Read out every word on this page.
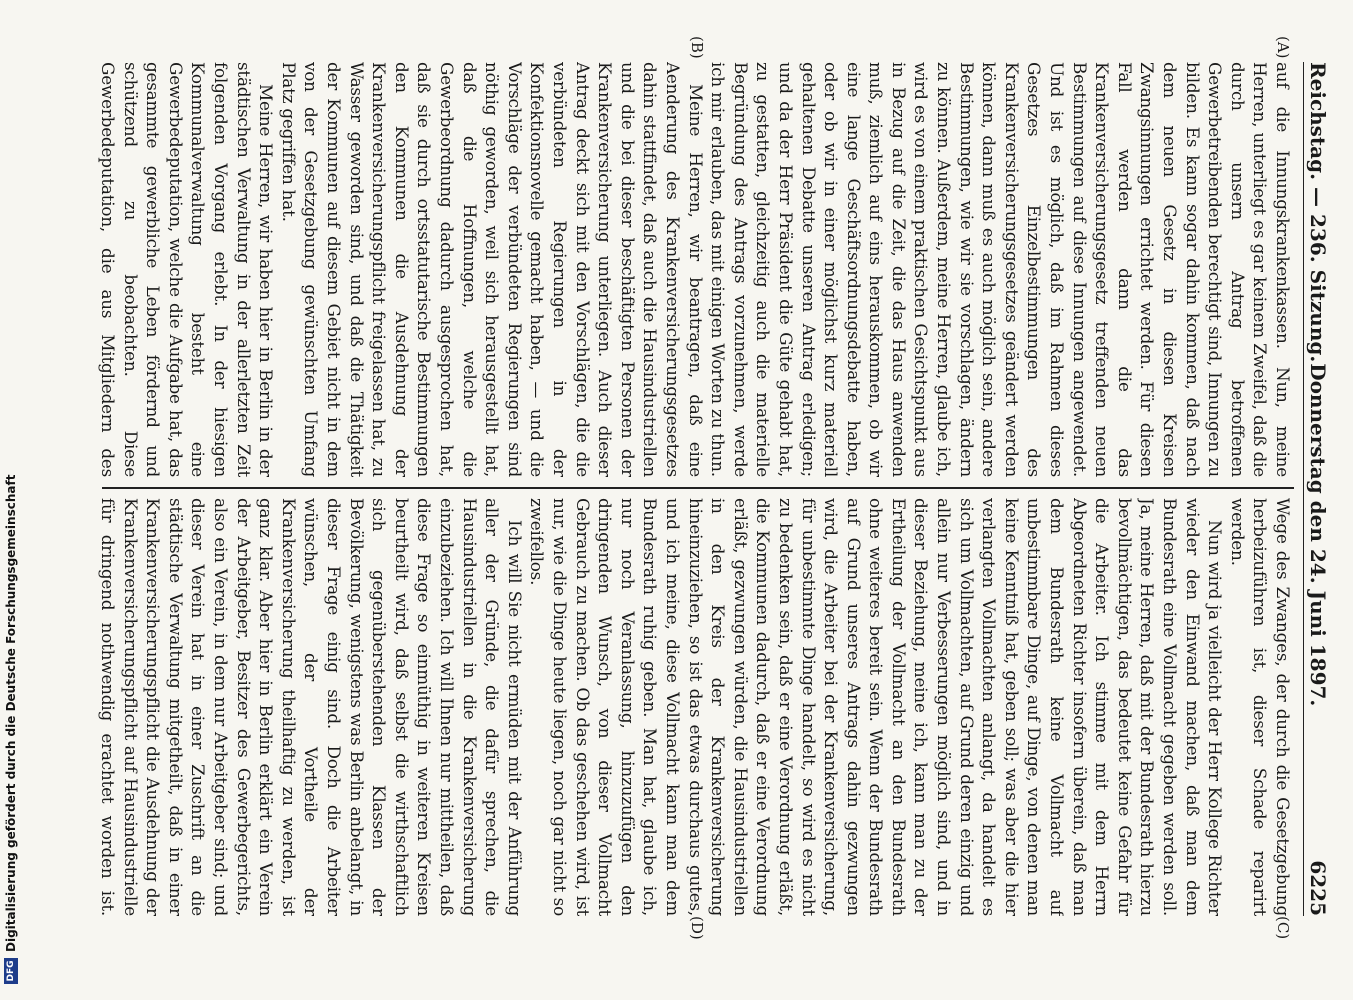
Reichstag. — 236. Sitzung.
Donnerstag den 24. Juni 1897.  6225
(A)
(B)
(C)
(D)

auf die Innungskrankenkassen. Nun, meine Herren, unterliegt es gar keinem Zweifel, daß die durch unsern Antrag betroffenen Gewerbetreibenden berechtigt sind, Innungen zu bilden. Es kann sogar dahin kommen, daß nach dem neuen Gesetz in diesen Kreisen Zwangsinnungen errichtet werden. Für diesen Fall werden dann die das Krankenversicherungsgesetz treffenden neuen Bestimmungen auf diese Innungen angewendet. Und ist es möglich, daß im Rahmen dieses Gesetzes Einzelbestimmungen des Krankenversicherungsgesetzes geändert werden können, dann muß es auch möglich sein, andere Bestimmungen, wie wir sie vorschlagen, ändern zu können. Außerdem, meine Herren, glaube ich, wird es von einem praktischen Gesichtspunkt aus in Bezug auf die Zeit, die das Haus anwenden muß, ziemlich auf eins herauskommen, ob wir eine lange Geschäftsordnungsdebatte haben, oder ob wir in einer möglichst kurz materiell gehaltenen Debatte unseren Antrag erledigen; und da der Herr Präsident die Güte gehabt hat, zu gestatten, gleichzeitig auch die materielle Begründung des Antrags vorzunehmen, werde ich mir erlauben, das mit einigen Worten zu thun.

Meine Herren, wir beantragen, daß eine Aenderung des Krankenversicherungsgesetzes dahin stattfindet, daß auch die Hausindustriellen und die bei dieser beschäftigten Personen der Krankenversicherung unterliegen. Auch dieser Antrag deckt sich mit den Vorschlägen, die die verbündeten Regierungen in der Konfektionsnovelle gemacht haben, — und die Vorschläge der verbündeten Regierungen sind nöthig geworden, weil sich herausgestellt hat, daß die Hoffnungen, welche die Gewerbeordnung dadurch ausgesprochen hat, daß sie durch ortsstatutarische Bestimmungen den Kommunen die Ausdehnung der Krankenversicherungspflicht freigelassen hat, zu Wasser geworden sind, und daß die Thätigkeit der Kommunen auf diesem Gebiet nicht in dem von der Gesetzgebung gewünschten Umfang Platz gegriffen hat.

Meine Herren, wir haben hier in Berlin in der städtischen Verwaltung in der allerletzten Zeit folgenden Vorgang erlebt. In der hiesigen Kommunalverwaltung besteht eine Gewerbedeputation, welche die Aufgabe hat, das gesammte gewerbliche Leben fördernd und schützend zu beobachten. Diese Gewerbedeputation, die aus Mitgliedern des

Wege des Zwanges, der durch die Gesetzgebung herbeizuführen ist, dieser Schade reparirt werden.

Nun wird ja vielleicht der Herr Kollege Richter wieder den Einwand machen, daß man dem Bundesrath eine Vollmacht gegeben werden soll. Ja, meine Herren, daß mit der Bundesrath hierzu bevollmächtigen, das bedeutet keine Gefahr für die Arbeiter. Ich stimme mit dem Herrn Abgeordneten Richter insofern überein, daß man dem Bundesrath keine Vollmacht auf unbestimmbare Dinge, auf Dinge, von denen man keine Kenntniß hat, geben soll; was aber die hier verlangten Vollmachten anlangt, da handelt es sich um Vollmachten, auf Grund deren einzig und allein nur Verbesserungen möglich sind, und in dieser Beziehung, meine ich, kann man zu der Ertheilung der Vollmacht an den Bundesrath ohne weiteres bereit sein. Wenn der Bundesrath auf Grund unseres Antrags dahin gezwungen wird, die Arbeiter bei der Krankenversicherung, für unbestimmte Dinge handelt, so wird es nicht zu bedenken sein, daß er eine Verordnung erläßt, die Kommunen dadurch, daß er eine Verordnung erläßt, gezwungen würden, die Hausindustriellen in den Kreis der Krankenversicherung hineinzuziehen, so ist das etwas durchaus gutes, und ich meine, diese Vollmacht kann man dem Bundesrath ruhig geben. Man hat, glaube ich, nur noch Veranlassung, hinzuzufügen den dringenden Wunsch, von dieser Vollmacht Gebrauch zu machen. Ob das geschehen wird, ist nur, wie die Dinge heute liegen, noch gar nicht so zweifellos.

Ich will Sie nicht ermüden mit der Anführung aller der Gründe, die dafür sprechen, die Hausindustriellen in die Krankenversicherung einzubeziehen. Ich will Ihnen nur mittheilen, daß diese Frage so einmüthig in weiteren Kreisen beurtheilt wird, daß selbst die wirthschaftlich sich gegenüberstehenden Klassen der Bevölkerung, wenigstens was Berlin anbelangt, in dieser Frage einig sind. Doch die Arbeiter wünschen, der Vortheile der Krankenversicherung theilhaftig zu werden, ist ganz klar. Aber hier in Berlin erklärt ein Verein der Arbeitgeber, Besitzer des Gewerbegerichts, also ein Verein, in dem nur Arbeitgeber sind; und dieser Verein hat in einer Zuschrift an die städtische Verwaltung mitgetheilt, daß in einer Krankenversicherungspflicht die Ausdehnung der Krankenversicherungspflicht auf Hausindustrielle für dringend nothwendig erachtet worden ist.

DFG
Digitalisierung gefördert durch die Deutsche Forschungsgemeinschaft
